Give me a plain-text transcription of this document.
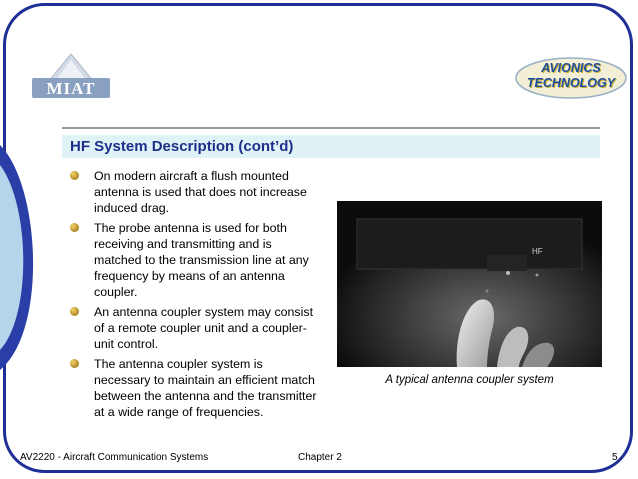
MIAT
AVIONICS
TECHNOLOGY
HF System Description (cont’d)
On modern aircraft a flush mounted antenna is used that does not increase induced drag.
The probe antenna is used for both receiving and transmitting and is matched to the transmission line at any frequency by means of an antenna coupler.
An antenna coupler system may consist of a remote coupler unit and a coupler-unit control.
The antenna coupler system is necessary to maintain an efficient match between the antenna and the transmitter at a wide range of frequencies.
HF
A typical antenna coupler system
AV2220 - Aircraft Communication Systems	Chapter 2	5
